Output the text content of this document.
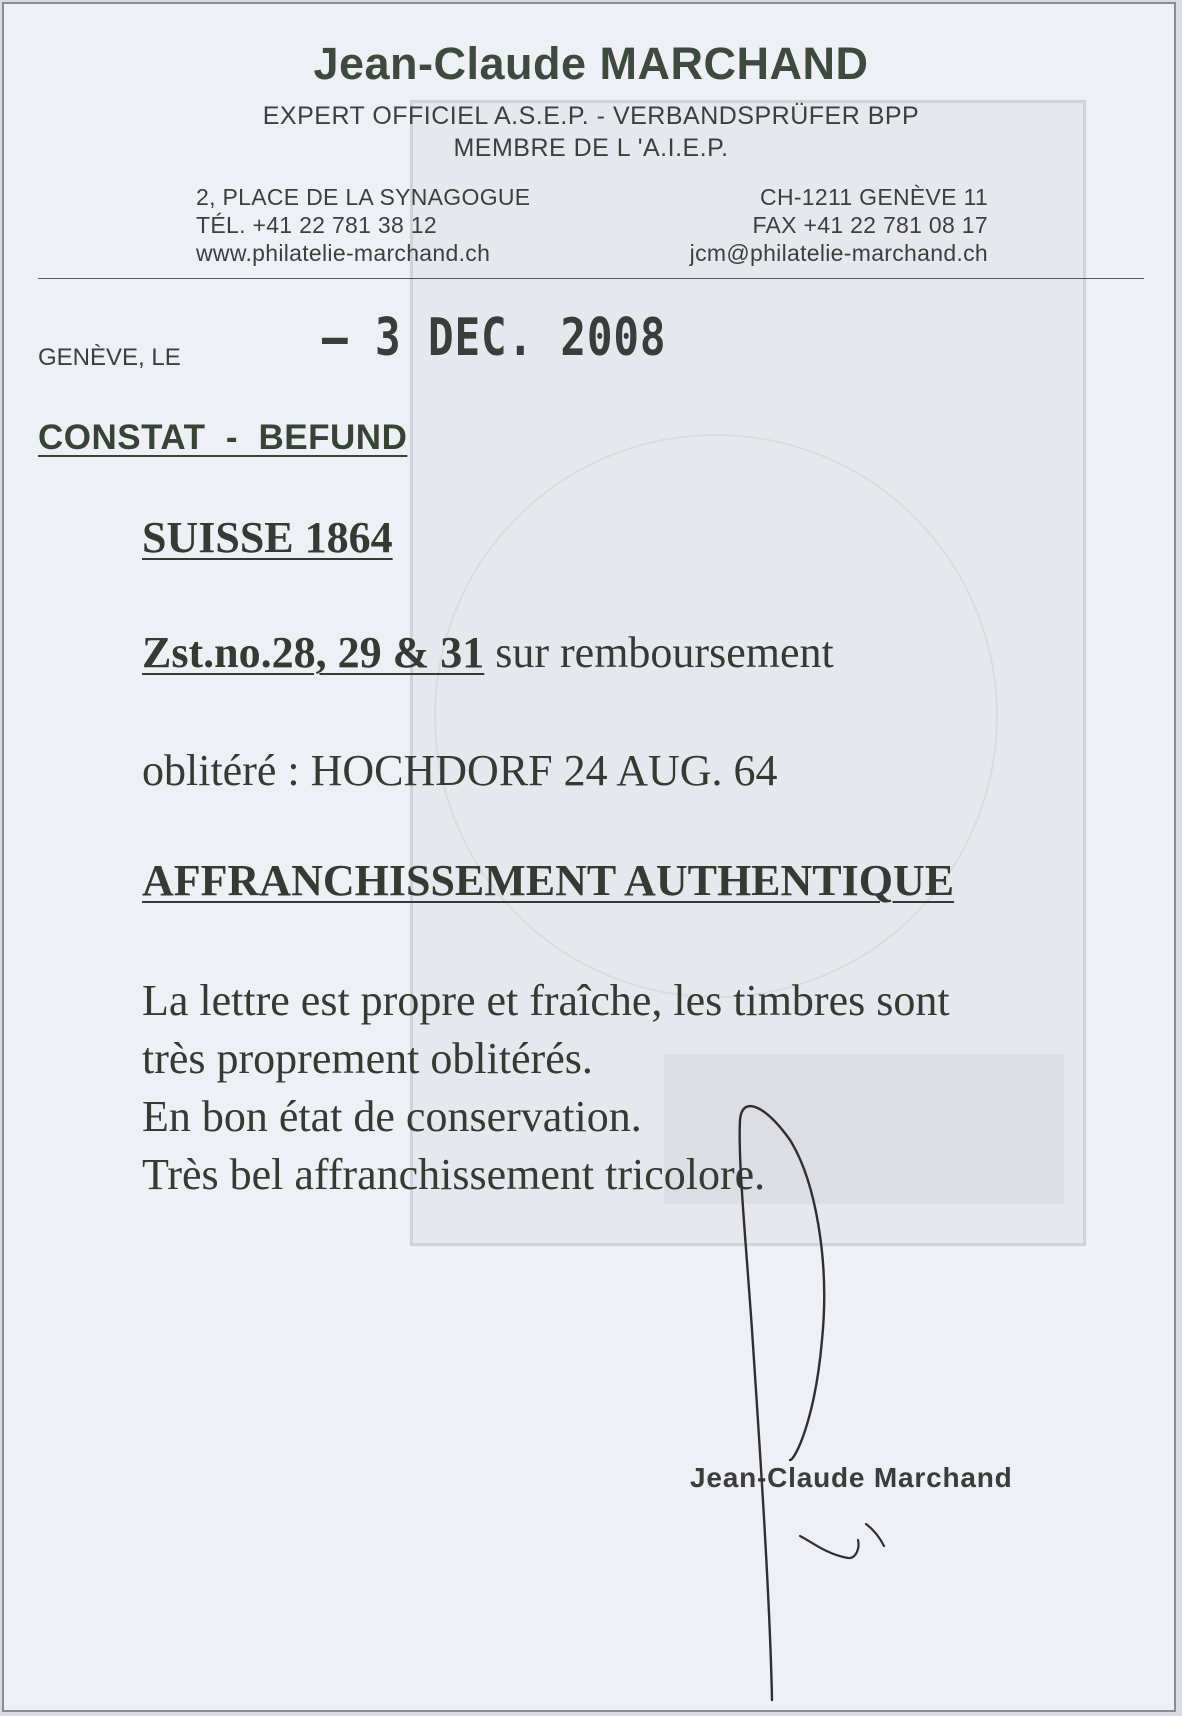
Jean-Claude MARCHAND
EXPERT OFFICIEL A.S.E.P. - VERBANDSPRÜFER BPP
MEMBRE DE L 'A.I.E.P.
2, PLACE DE LA SYNAGOGUE
TÉL. +41 22 781 38 12
www.philatelie-marchand.ch
CH-1211 GENÈVE 11
FAX +41 22 781 08 17
jcm@philatelie-marchand.ch
GENÈVE, LE	– 3 DEC. 2008
CONSTAT  -  BEFUND
SUISSE 1864
Zst.no.28, 29 & 31 sur remboursement
oblitéré : HOCHDORF 24 AUG. 64
AFFRANCHISSEMENT AUTHENTIQUE
La lettre est propre et fraîche, les timbres sont
très proprement oblitérés.
En bon état de conservation.
Très bel affranchissement tricolore.
Jean-Claude Marchand
